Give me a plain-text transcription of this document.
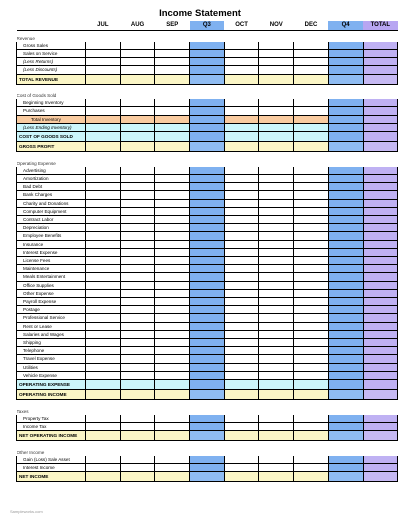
Income Statement
	JUL	AUG	SEP	Q3	OCT	NOV	DEC	Q4	TOTAL

Revenue									
Gross Sales									
Sales on Service									
(Less Returns)									
(Less Discounts)									
TOTAL REVENUE									

Cost of Goods Sold									
Beginning Inventory									
Purchases									
Total Inventory									
(Less Ending Inventory)									
COST OF GOODS SOLD									
GROSS PROFIT									

Operating Expense									
Advertising									
Amortization									
Bad Debt									
Bank Charges									
Charity and Donations									
Computer Equipment									
Contract Labor									
Depreciation									
Employee Benefits									
Insurance									
Interest Expense									
License Fees									
Maintenance									
Meals Entertainment									
Office Supplies									
Other Expense									
Payroll Expense									
Postage									
Professional Service									
Rent or Lease									
Salaries and Wages									
Shipping									
Telephone									
Travel Expense									
Utilities									
Vehicle Expense									
OPERATING EXPENSE									
OPERATING INCOME									

Taxes									
Property Tax									
Income Tax									
NET OPERATING INCOME									

Other Income									
Gain (Loss) Sale Asset									
Interest Income									
NET INCOME									
Sampleworks.com
